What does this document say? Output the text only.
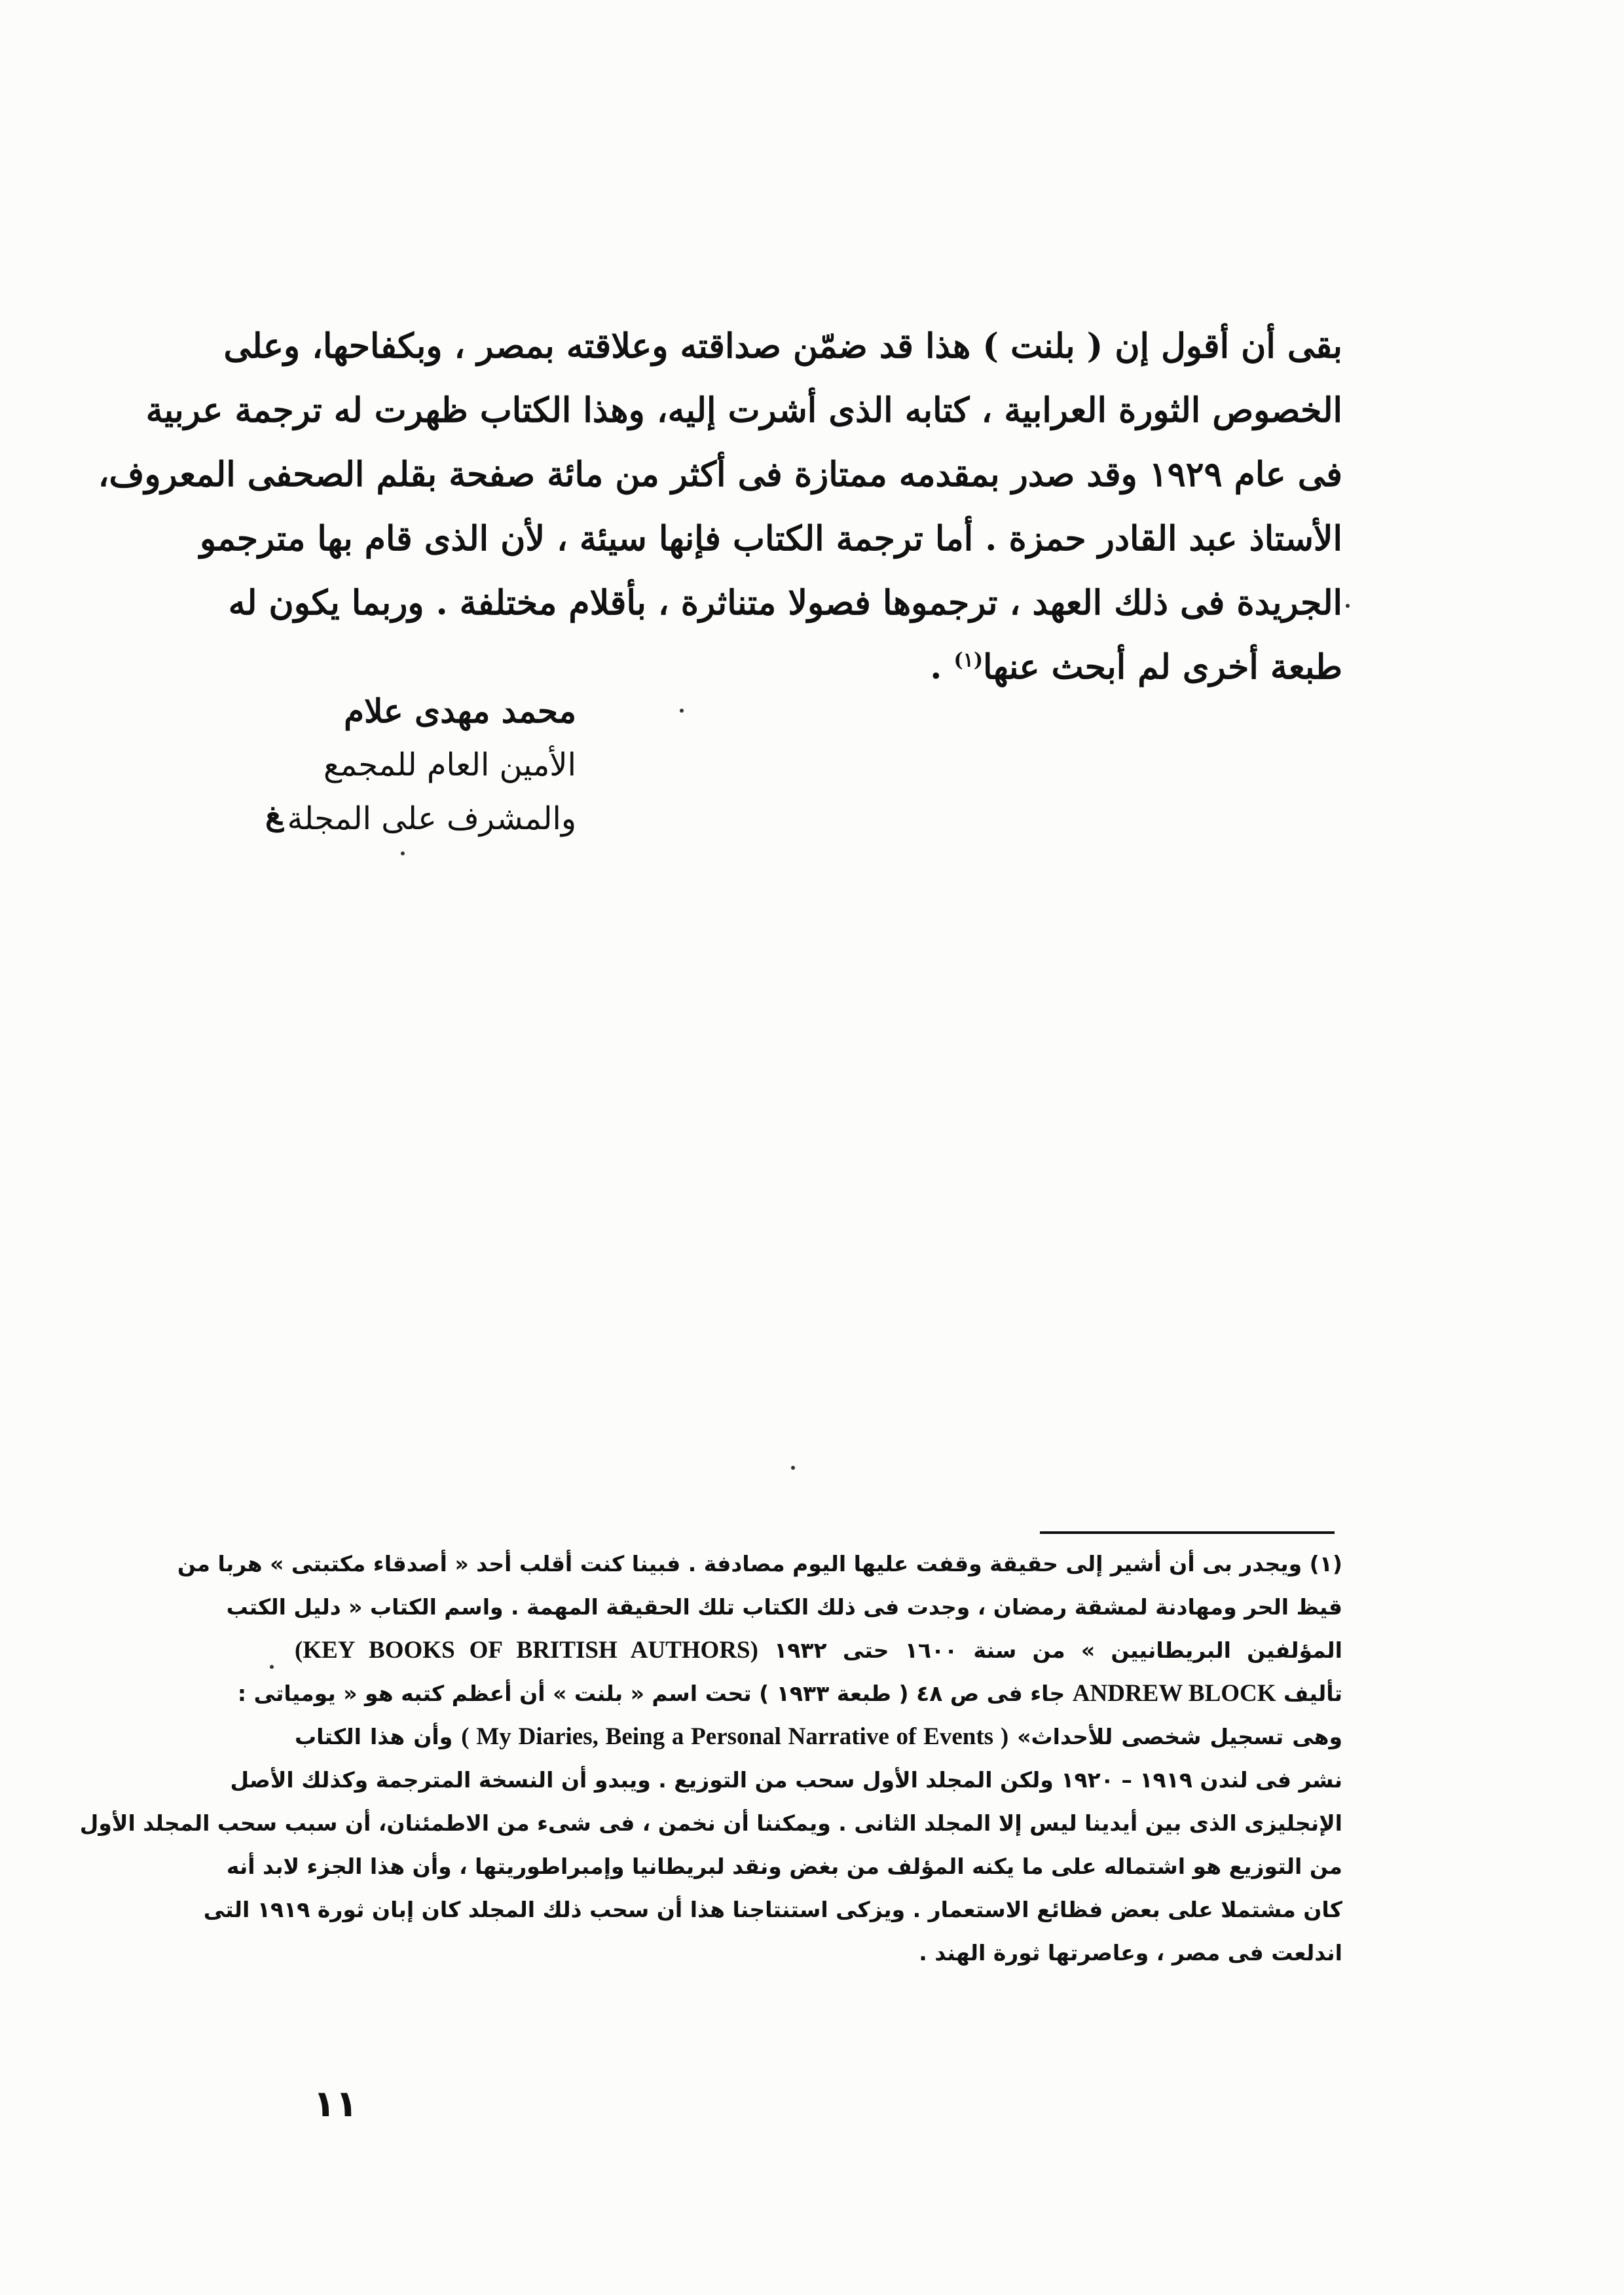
بقى أن أقول إن ( بلنت ) هذا قد ضمّن صداقته وعلاقته بمصر ، وبكفاحها، وعلى
الخصوص الثورة العرابية ، كتابه الذى أشرت إليه، وهذا الكتاب ظهرت له ترجمة عربية
فى عام ١٩٢٩ وقد صدر بمقدمه ممتازة فى أكثر من مائة صفحة بقلم الصحفى المعروف،
الأستاذ عبد القادر حمزة . أما ترجمة الكتاب فإنها سيئة ، لأن الذى قام بها مترجمو
الجريدة فى ذلك العهد ، ترجموها فصولا متناثرة ، بأقلام مختلفة . وربما يكون له
طبعة أخرى لم أبحث عنها$^{(١)}$ .
محمد مهدى علام
الأمين العام للمجمع
والمشرف على المجلة
ﻎ
(١) ويجدر بى أن أشير إلى حقيقة وقفت عليها اليوم مصادفة . فبينا كنت أقلب أحد « أصدقاء مكتبتى » هربا من
قيظ الحر ومهادنة لمشقة رمضان ، وجدت فى ذلك الكتاب تلك الحقيقة المهمة . واسم الكتاب « دليل الكتب
المؤلفين البريطانيين » من سنة ١٦٠٠ حتى ١٩٣٢ (KEY BOOKS OF BRITISH AUTHORS)
تأليف ANDREW BLOCK جاء فى ص ٤٨ ( طبعة ١٩٣٣ ) تحت اسم « بلنت » أن أعظم كتبه هو « يومياتى :
وهى تسجيل شخصى للأحداث» ( My Diaries, Being a Personal Narrative of Events ) وأن هذا الكتاب
نشر فى لندن ١٩١٩ – ١٩٢٠ ولكن المجلد الأول سحب من التوزيع . ويبدو أن النسخة المترجمة وكذلك الأصل
الإنجليزى الذى بين أيدينا ليس إلا المجلد الثانى . ويمكننا أن نخمن ، فى شىء من الاطمئنان، أن سبب سحب المجلد الأول
من التوزيع هو اشتماله على ما يكنه المؤلف من بغض ونقد لبريطانيا وإمبراطوريتها ، وأن هذا الجزء لابد أنه
كان مشتملا على بعض فظائع الاستعمار . ويزكى استنتاجنا هذا أن سحب ذلك المجلد كان إبان ثورة ١٩١٩ التى
اندلعت فى مصر ، وعاصرتها ثورة الهند .
١١
